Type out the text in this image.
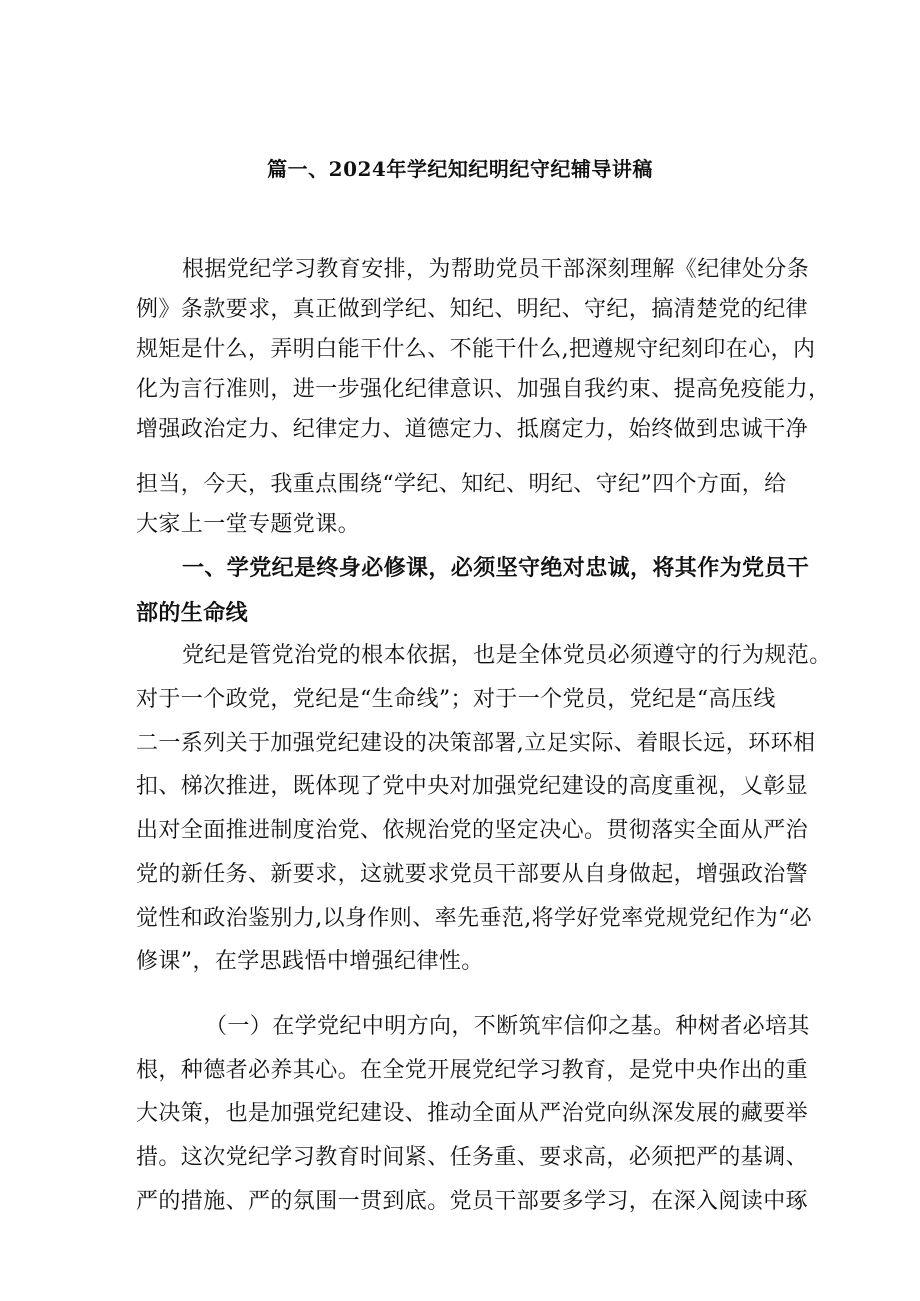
篇一、2024年学纪知纪明纪守纪辅导讲稿
根据党纪学习教育安排，为帮助党员干部深刻理解《纪律处分条
例》条款要求，真正做到学纪、知纪、明纪、守纪，搞清楚党的纪律
规矩是什么，弄明白能干什么、不能干什么,把遵规守纪刻印在心，内
化为言行准则，进一步强化纪律意识、加强自我约束、提高免疫能力，
增强政治定力、纪律定力、道德定力、抵腐定力，始终做到忠诚干净
担当，今天，我重点围绕“学纪、知纪、明纪、守纪”四个方面，给
大家上一堂专题党课。
一、学党纪是终身必修课，必须坚守绝对忠诚，将其作为党员干
部的生命线
党纪是管党治党的根本依据，也是全体党员必须遵守的行为规范。
对于一个政党，党纪是“生命线”；对于一个党员，党纪是“高压线
二一系列关于加强党纪建设的决策部署,立足实际、着眼长远，环环相
扣、梯次推进，既体现了党中央对加强党纪建设的高度重视，乂彰显
出对全面推进制度治党、依规治党的坚定决心。贯彻落实全面从严治
党的新任务、新要求，这就要求党员干部要从自身做起，增强政治警
觉性和政治鉴别力,以身作则、率先垂范,将学好党率党规党纪作为“必
修课”，在学思践悟中增强纪律性。
（一）在学党纪中明方向，不断筑牢信仰之基。种树者必培其
根，种德者必养其心。在全党开展党纪学习教育，是党中央作出的重
大决策，也是加强党纪建设、推动全面从严治党向纵深发展的藏要举
措。这次党纪学习教育时间紧、任务重、要求高，必须把严的基调、
严的措施、严的氛围一贯到底。党员干部要多学习，在深入阅读中琢
